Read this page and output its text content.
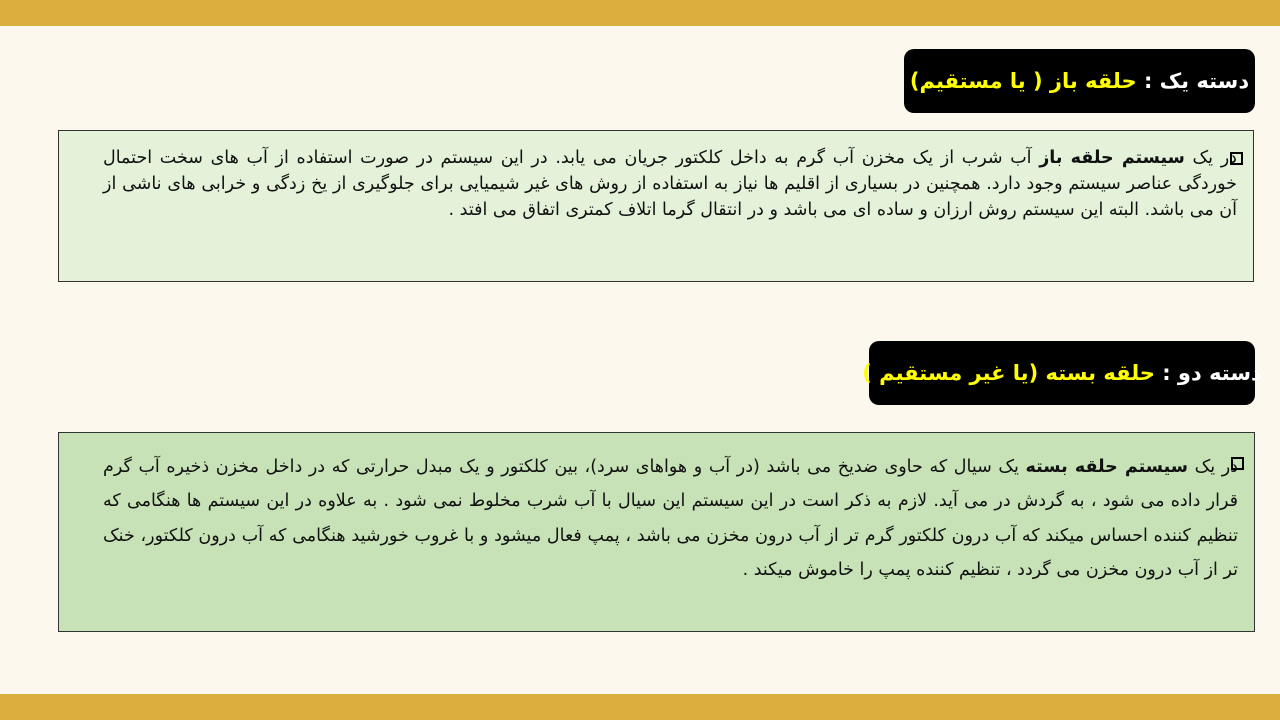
دسته یک :

حلقه باز ( یا مستقیم)

در یک سیستم حلقه باز آب شرب از یک مخزن آب گرم به داخل کلکتور جریان می یابد. در این سیستم در صورت استفاده از آب های سخت احتمال خوردگی عناصر سیستم وجود دارد. همچنین در بسیاری از اقلیم ها نیاز به استفاده از روش های غیر شیمیایی برای جلوگیری از یخ زدگی و خرابی های ناشی از آن می باشد. البته این سیستم روش ارزان و ساده ای می باشد و در انتقال گرما اتلاف کمتری اتفاق می افتد .

دسته دو :

حلقه بسته (یا غیر مستقیم )

در یک سیستم حلقه بسته یک سیال که حاوی ضدیخ می باشد (در آب و هواهای سرد)، بین کلکتور و یک مبدل حرارتی که در داخل مخزن ذخیره آب گرم قرار داده می شود ، به گردش در می آید. لازم به ذکر است در این سیستم این سیال با آب شرب مخلوط نمی شود . به علاوه در این سیستم ها هنگامی که تنظیم کننده احساس میکند که آب درون کلکتور گرم تر از آب درون مخزن می باشد ، پمپ فعال میشود و با غروب خورشید هنگامی که آب درون کلکتور، خنک تر از آب درون مخزن می گردد ، تنظیم کننده پمپ را خاموش میکند .
